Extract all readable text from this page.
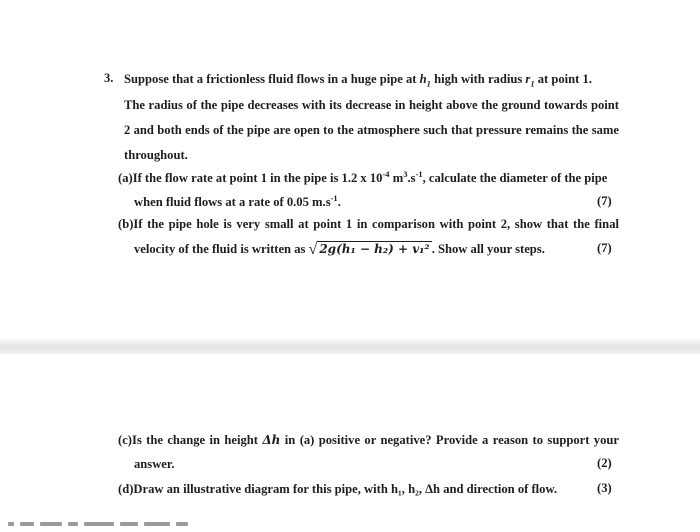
3. Suppose that a frictionless fluid flows in a huge pipe at $h_1$ high with radius $r_1$ at point 1.
The radius of the pipe decreases with its decrease in height above the ground towards point
2 and both ends of the pipe are open to the atmosphere such that pressure remains the same
throughout.
(a)If the flow rate at point 1 in the pipe is 1.2 x $10^{-4}$ $m^3.s^{-1}$, calculate the diameter of the pipe
when fluid flows at a rate of 0.05 $m.s^{-1}$.	(7)
(b)If the pipe hole is very small at point 1 in comparison with point 2, show that the final
velocity of the fluid is written as √ 2g(h₁ − h₂) + v₁² . Show all your steps.	(7)
(c)Is the change in height Δh in (a) positive or negative? Provide a reason to support your
answer.	(2)
(d)Draw an illustrative diagram for this pipe, with h₁, h₂, Δh and direction of flow.	(3)
